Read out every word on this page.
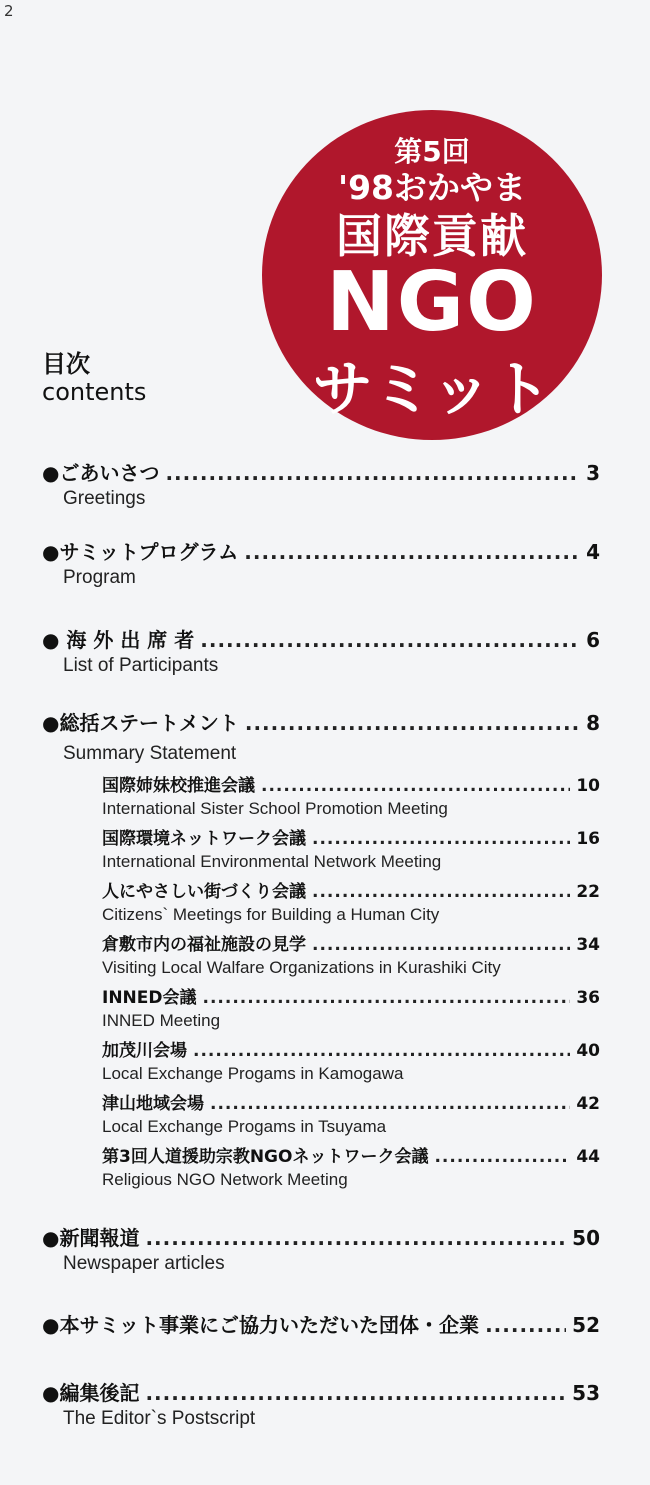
2
第5回
'98おかやま
国際貢献
NGO
サミット
目次
contents
●ごあいさつ .....	3
Greetings
●サミットプログラム .....	4
Program
● 海 外 出 席 者 .....	6
List of Participants
●総括ステートメント .....	8
Summary Statement
国際姉妹校推進会議 .....	10
International Sister School Promotion Meeting
国際環境ネットワーク会議 .....	16
International Environmental Network Meeting
人にやさしい街づくり会議 .....	22
Citizens` Meetings for Building a Human City
倉敷市内の福祉施設の見学 .....	34
Visiting Local Walfare Organizations in Kurashiki City
INNED会議 .....	36
INNED Meeting
加茂川会場 .....	40
Local Exchange Progams in Kamogawa
津山地域会場 .....	42
Local Exchange Progams in Tsuyama
第3回人道援助宗教NGOネットワーク会議 .....	44
Religious NGO Network Meeting
●新聞報道 .....	50
Newspaper articles
●本サミット事業にご協力いただいた団体・企業 .....	52
●編集後記 .....	53
The Editor`s Postscript
